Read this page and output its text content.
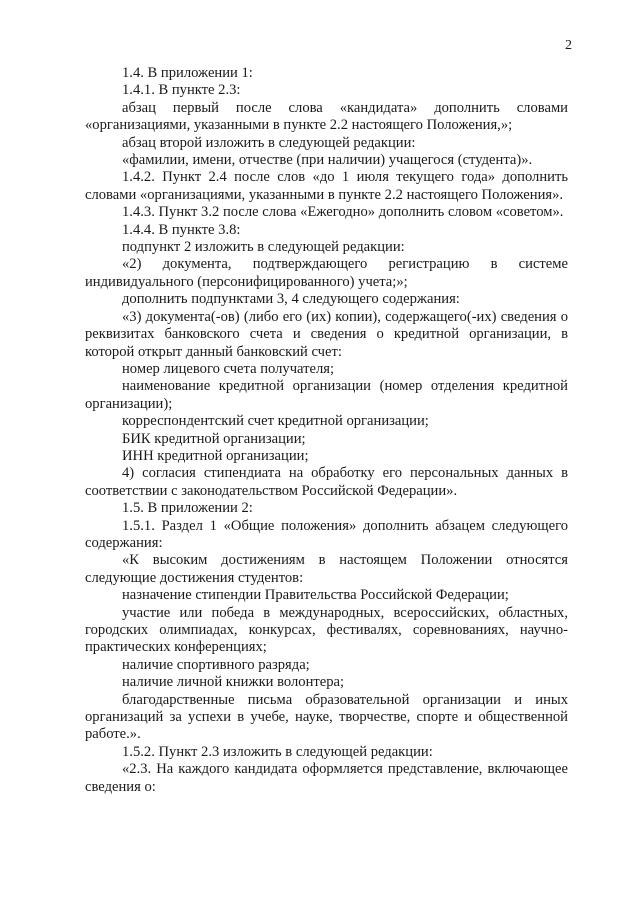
2

1.4. В приложении 1:

1.4.1. В пункте 2.3:

абзац первый после слова «кандидата» дополнить словами «организациями, указанными в пункте 2.2 настоящего Положения,»;

абзац второй изложить в следующей редакции:

«фамилии, имени, отчестве (при наличии) учащегося (студента)».

1.4.2. Пункт 2.4 после слов «до 1 июля текущего года» дополнить словами «организациями, указанными в пункте 2.2 настоящего Положения».

1.4.3. Пункт 3.2 после слова «Ежегодно» дополнить словом «советом».

1.4.4. В пункте 3.8:

подпункт 2 изложить в следующей редакции:

«2) документа, подтверждающего регистрацию в системе индивидуального (персонифицированного) учета;»;

дополнить подпунктами 3, 4 следующего содержания:

«3) документа(-ов) (либо его (их) копии), содержащего(-их) сведения о реквизитах банковского счета и сведения о кредитной организации, в которой открыт данный банковский счет:

номер лицевого счета получателя;

наименование кредитной организации (номер отделения кредитной организации);

корреспондентский счет кредитной организации;

БИК кредитной организации;

ИНН кредитной организации;

4) согласия стипендиата на обработку его персональных данных в соответствии с законодательством Российской Федерации».

1.5. В приложении 2:

1.5.1. Раздел 1 «Общие положения» дополнить абзацем следующего содержания:

«К высоким достижениям в настоящем Положении относятся следующие достижения студентов:

назначение стипендии Правительства Российской Федерации;

участие или победа в международных, всероссийских, областных, городских олимпиадах, конкурсах, фестивалях, соревнованиях, научно-практических конференциях;

наличие спортивного разряда;

наличие личной книжки волонтера;

благодарственные письма образовательной организации и иных организаций за успехи в учебе, науке, творчестве, спорте и общественной работе.».

1.5.2. Пункт 2.3 изложить в следующей редакции:

«2.3. На каждого кандидата оформляется представление, включающее сведения о:
